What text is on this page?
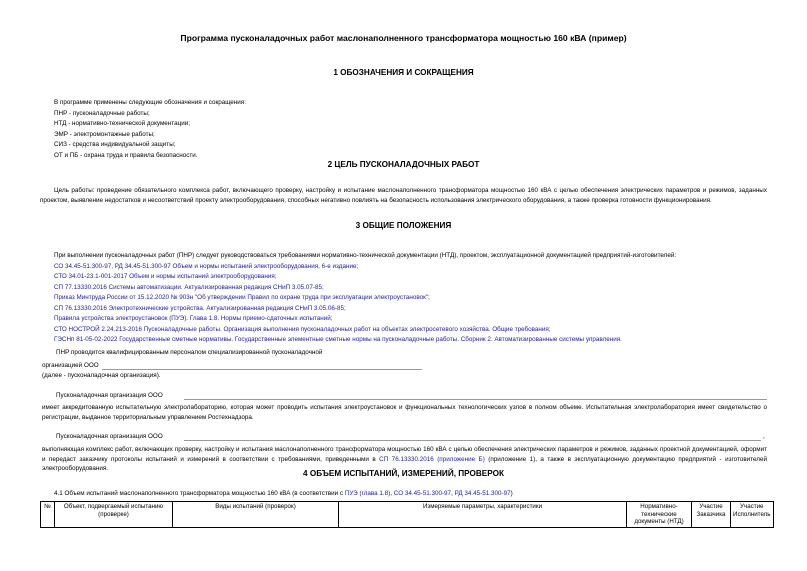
Программа пусконаладочных работ маслонаполненного трансформатора мощностью 160 кВА (пример)
1 ОБОЗНАЧЕНИЯ И СОКРАЩЕНИЯ
В программе применены следующие обозначения и сокращения:
ПНР - пусконаладочные работы;
НТД - нормативно-технической документации;
ЭМР - электромонтажные работы;
СИЗ - средства индивидуальной защиты;
ОТ и ПБ - охрана труда и правила безопасности.
2 ЦЕЛЬ ПУСКОНАЛАДОЧНЫХ РАБОТ
Цель работы: проведение обязательного комплекса работ, включающего проверку, настройку и испытание маслонаполненного трансформатора мощностью 160 кВА с целью обеспечения электрических параметров и режимов, заданных проектом, выявление недостатков и несоответствий проекту электрооборудования, способных негативно повлиять на безопасность использования электрического оборудования, а также проверка готовности функционирования.
3 ОБЩИЕ ПОЛОЖЕНИЯ
При выполнении пусконаладочных работ (ПНР) следует руководствоваться требованиями нормативно-технической документации (НТД), проектом, эксплуатационной документацией предприятий-изготовителей:
СО 34.45-51.300-97, РД 34.45-51.300-97 Объем и нормы испытаний электрооборудования, 6-е издание;
СТО 34.01-23.1-001-2017 Объем и нормы испытаний электрооборудования;
СП 77.13330.2016 Системы автоматизации. Актуализированная редакция СНиП 3.05.07-85;
Приказ Минтруда России от 15.12.2020 № 903н "Об утверждении Правил по охране труда при эксплуатации электроустановок";
СП 76.13330.2016 Электротехнические устройства. Актуализированная редакция СНиП 3.05.06-85;
Правила устройства электроустановок (ПУЭ). Глава 1.8. Нормы приемо-сдаточных испытаний;
СТО НОСТРОЙ 2.24.213-2016 Пусконаладочные работы. Организация выполнения пусконаладочных работ на объектах электросетевого хозяйства. Общие требования;
ГЭСНп 81-05-02-2022 Государственные сметные нормативы. Государственные элементные сметные нормы на пусконаладочные работы. Сборник 2. Автоматизированные системы управления.
ПНР проводится квалифицированным персоналом специализированной пусконаладочной
организацией ООО
(далее - пусконаладочная организация).
Пусконаладочная организация ООО
имеет аккредитованную испытательную электролабораторию, которая может проводить испытания электроустановок и функциональных технологических узлов в полном объеме. Испытательная электролаборатория имеет свидетельство о регистрации, выданное территориальным управлением Ростехнадзора.
Пусконаладочная организация ООО	,
выполняющая комплекс работ, включающих проверку, настройку и испытания маслонаполненного трансформатора мощностью 160 кВА с целью обеспечения электрических параметров и режимов, заданных проектной документацией, оформит и передаст заказчику протоколы испытаний и измерений в соответствии с требованиями, приведенными в СП 76.13330.2016 (приложение Б) (приложение 1), а также в эксплуатационную документацию предприятий - изготовителей электрооборудования.
4 ОБЪЕМ ИСПЫТАНИЙ, ИЗМЕРЕНИЙ, ПРОВЕРОК
4.1 Объем испытаний маслонаполненного трансформатора мощностью 160 кВА (в соответствии с ПУЭ (глава 1.8), СО 34.45-51.300-97, РД 34.45-51.300-97)
№	Объект, подвергаемый испытанию (проверке)	Виды испытаний (проверок)	Измеряемые параметры, характеристики	Нормативно-технические документы (НТД)	Участие Заказчика	Участие Исполнитель
